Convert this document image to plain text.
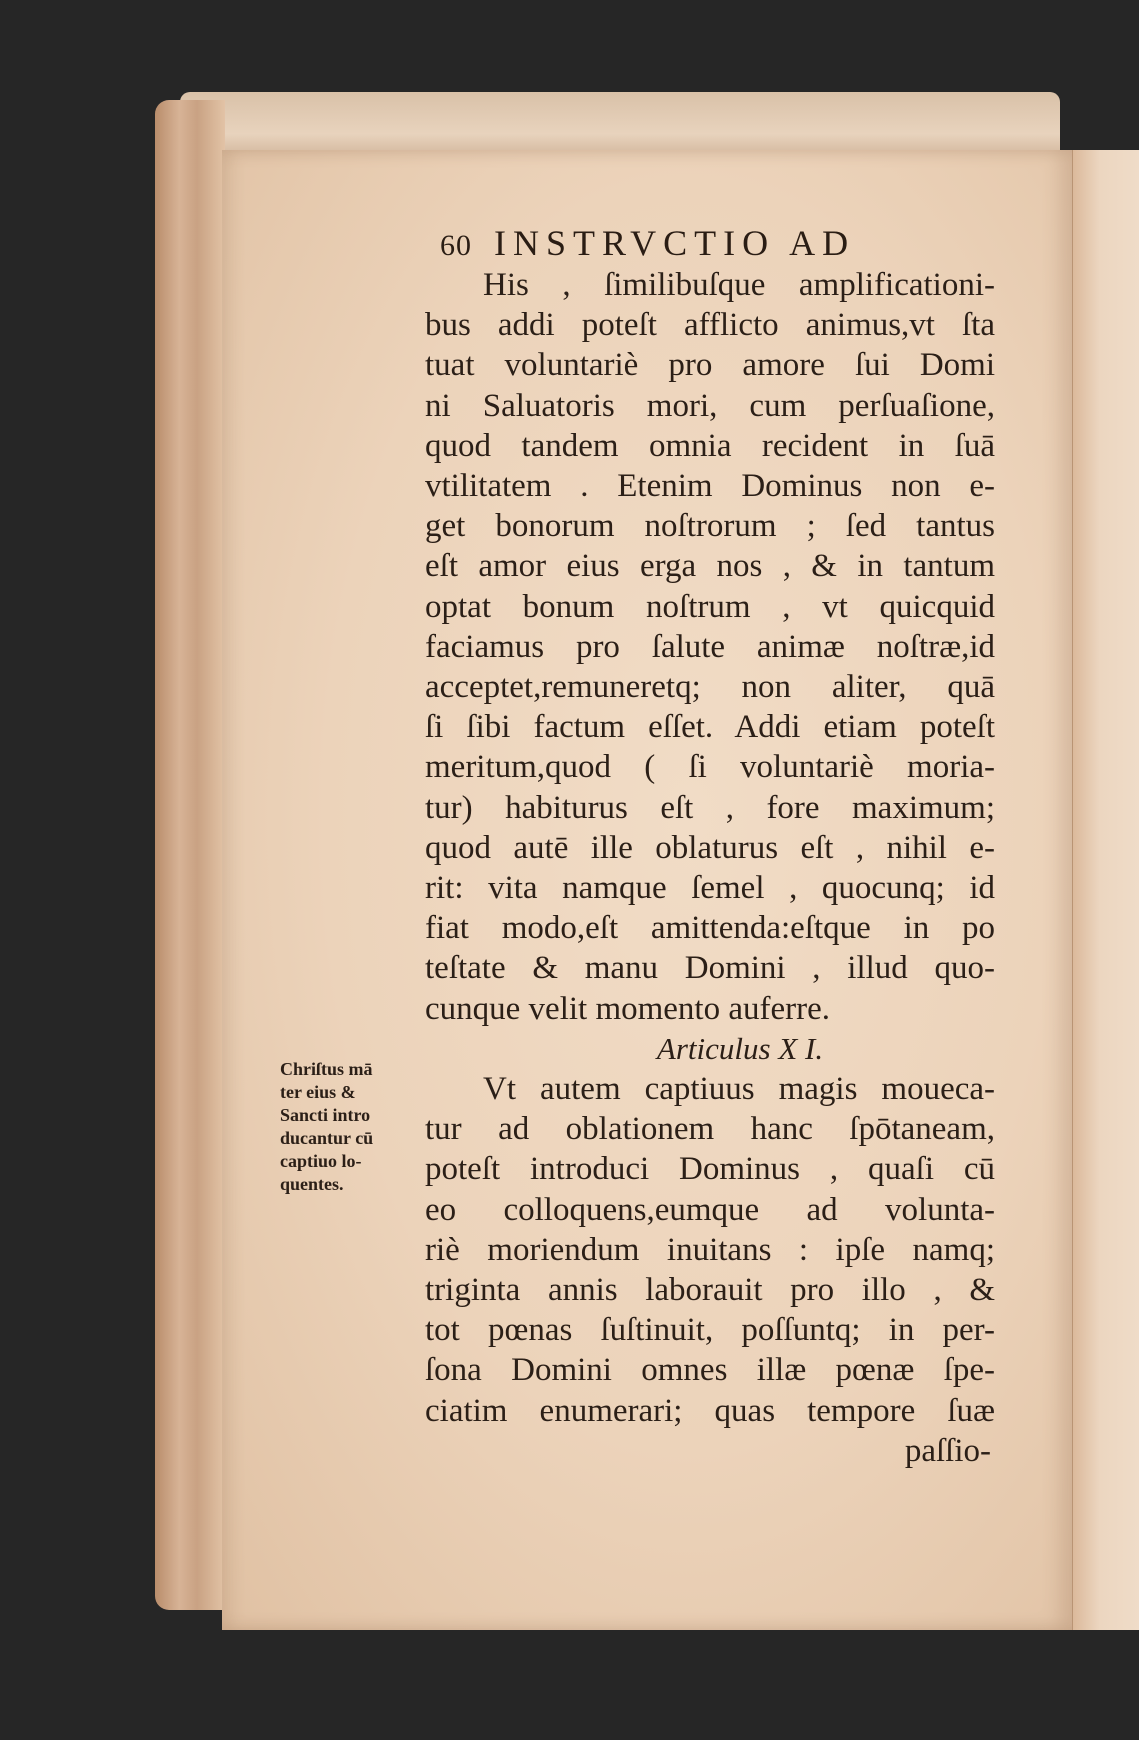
60 INSTRVCTIO AD
His , ſimilibuſque amplificationi-
bus addi poteſt afflicto animus,vt ſta
tuat voluntariè pro amore ſui Domi
ni Saluatoris mori, cum perſuaſione,
quod tandem omnia recident in ſuā
vtilitatem . Etenim Dominus non e-
get bonorum noſtrorum ; ſed tantus
eſt amor eius erga nos , & in tantum
optat bonum noſtrum , vt quicquid
faciamus pro ſalute animæ noſtræ,id
acceptet,remuneretq; non aliter, quā
ſi ſibi factum eſſet. Addi etiam poteſt
meritum,quod ( ſi voluntariè moria-
tur) habiturus eſt , fore maximum;
quod autē ille oblaturus eſt , nihil e-
rit: vita namque ſemel , quocunq; id
fiat modo,eſt amittenda:eſtque in po
teſtate & manu Domini , illud quo-
cunque velit momento auferre.
Articulus X I.
Vt autem captiuus magis moueca-
tur ad oblationem hanc ſpōtaneam,
poteſt introduci Dominus , quaſi cū
eo colloquens,eumque ad volunta-
riè moriendum inuitans : ipſe namq;
triginta annis laborauit pro illo , &
tot pœnas ſuſtinuit, poſſuntq; in per-
ſona Domini omnes illæ pœnæ ſpe-
ciatim enumerari; quas tempore ſuæ
paſſio-
Chriſtus mā
ter eius &
Sancti intro
ducantur cū
captiuo lo-
quentes.
